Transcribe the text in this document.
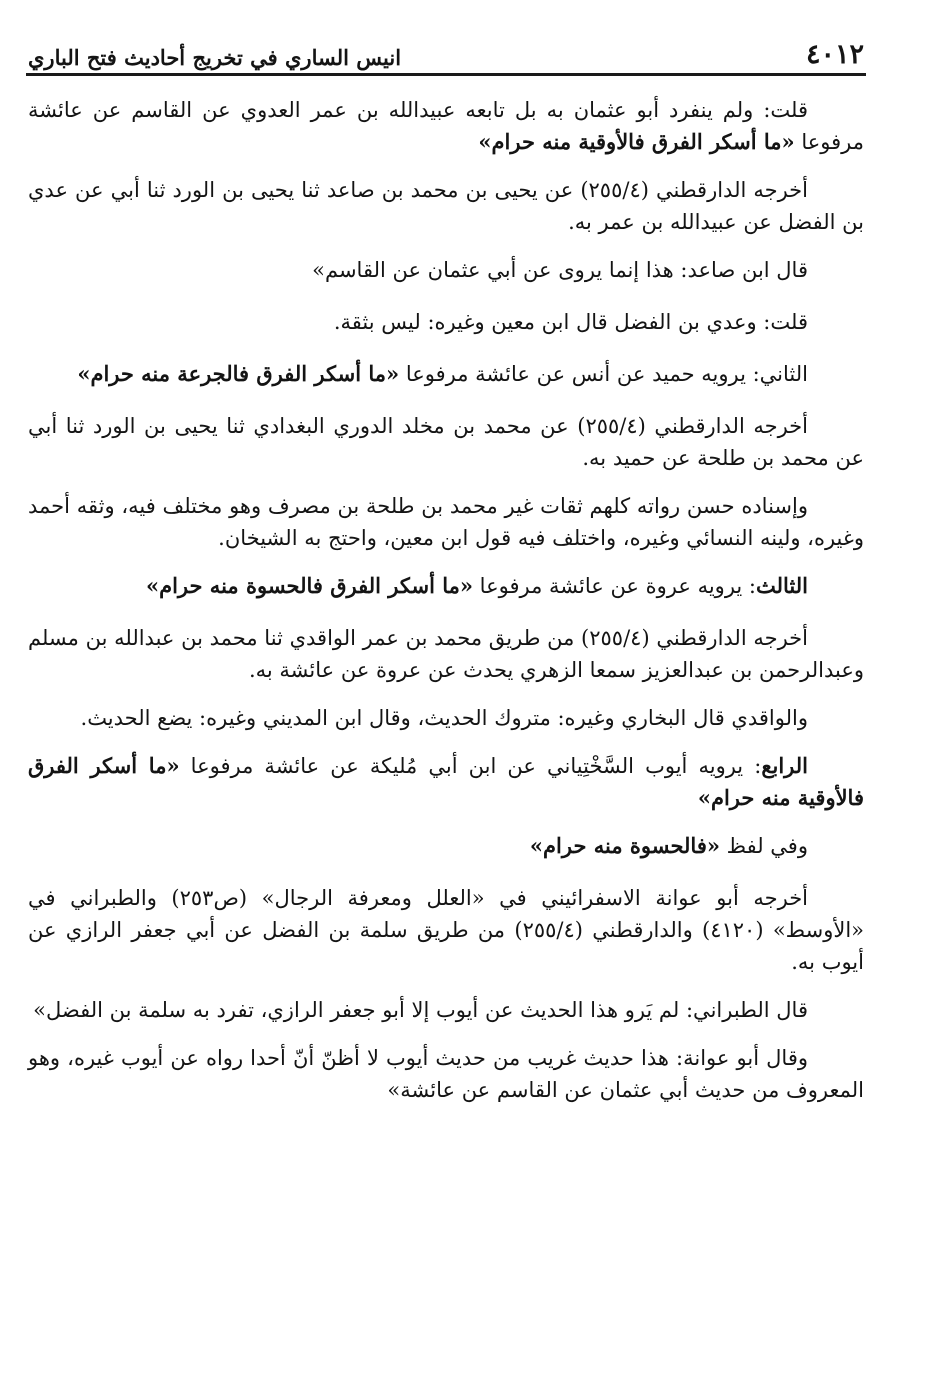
٤٠١٢
انيس الساري في تخريج أحاديث فتح الباري

قلت: ولم ينفرد أبو عثمان به بل تابعه عبيدالله بن عمر العدوي عن القاسم عن عائشة مرفوعا «ما أسكر الفرق فالأوقية منه حرام»

أخرجه الدارقطني (٢٥٥/٤) عن يحيى بن محمد بن صاعد ثنا يحيى بن الورد ثنا أبي عن عدي بن الفضل عن عبيدالله بن عمر به.

قال ابن صاعد: هذا إنما يروى عن أبي عثمان عن القاسم»

قلت: وعدي بن الفضل قال ابن معين وغيره: ليس بثقة.

الثاني: يرويه حميد عن أنس عن عائشة مرفوعا «ما أسكر الفرق فالجرعة منه حرام»

أخرجه الدارقطني (٢٥٥/٤) عن محمد بن مخلد الدوري البغدادي ثنا يحيى بن الورد ثنا أبي عن محمد بن طلحة عن حميد به.

وإسناده حسن رواته كلهم ثقات غير محمد بن طلحة بن مصرف وهو مختلف فيه، وثقه أحمد وغيره، ولينه النسائي وغيره، واختلف فيه قول ابن معين، واحتج به الشيخان.

الثالث: يرويه عروة عن عائشة مرفوعا «ما أسكر الفرق فالحسوة منه حرام»

أخرجه الدارقطني (٢٥٥/٤) من طريق محمد بن عمر الواقدي ثنا محمد بن عبدالله بن مسلم وعبدالرحمن بن عبدالعزيز سمعا الزهري يحدث عن عروة عن عائشة به.

والواقدي قال البخاري وغيره: متروك الحديث، وقال ابن المديني وغيره: يضع الحديث.

الرابع: يرويه أيوب السَّخْتِياني عن ابن أبي مُليكة عن عائشة مرفوعا «ما أسكر الفرق فالأوقية منه حرام»

وفي لفظ «فالحسوة منه حرام»

أخرجه أبو عوانة الاسفرائيني في «العلل ومعرفة الرجال» (ص٢٥٣) والطبراني في «الأوسط» (٤١٢٠) والدارقطني (٢٥٥/٤) من طريق سلمة بن الفضل عن أبي جعفر الرازي عن أيوب به.

قال الطبراني: لم يَرو هذا الحديث عن أيوب إلا أبو جعفر الرازي، تفرد به سلمة بن الفضل»

وقال أبو عوانة: هذا حديث غريب من حديث أيوب لا أظنّ أنّ أحدا رواه عن أيوب غيره، وهو المعروف من حديث أبي عثمان عن القاسم عن عائشة»
